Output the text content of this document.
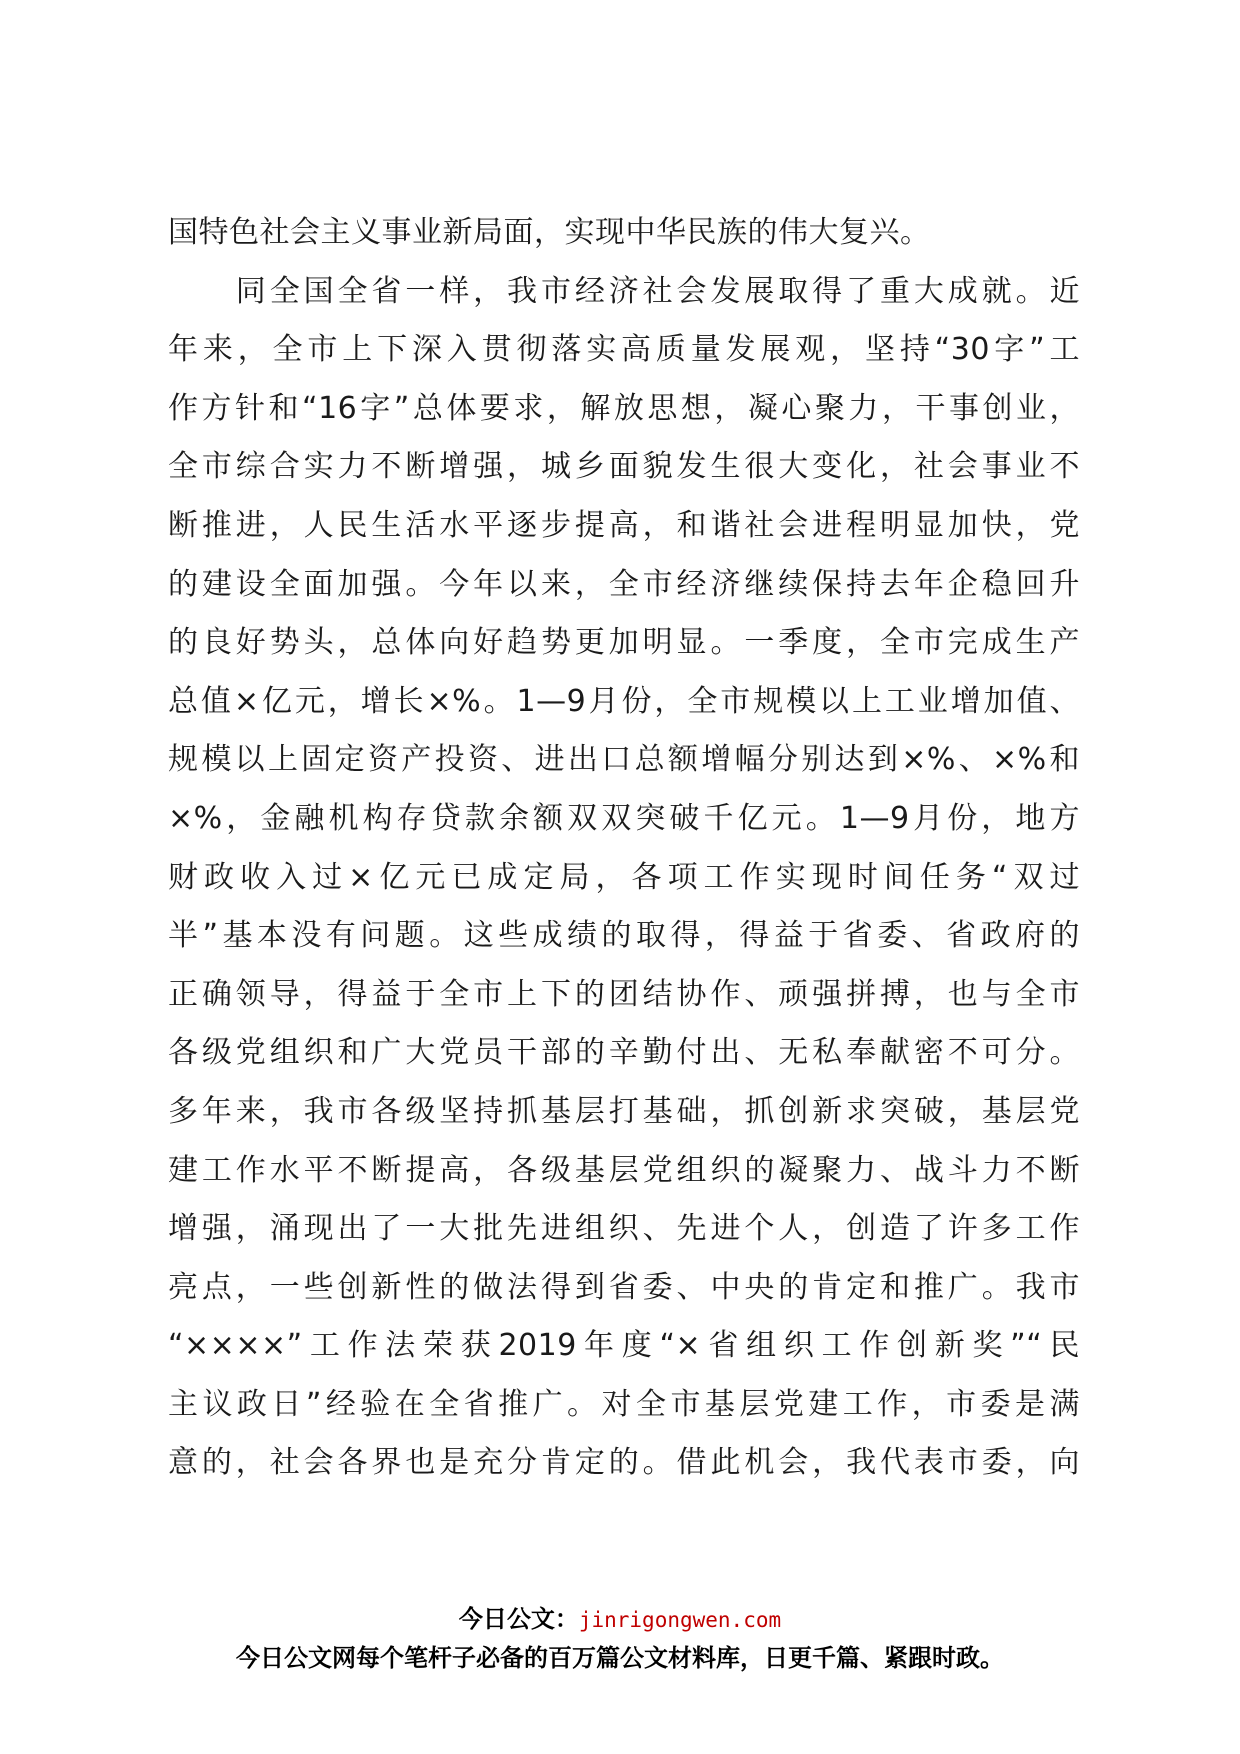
国特色社会主义事业新局面，实现中华民族的伟大复兴。
　　同全国全省一样，我市经济社会发展取得了重大成就。近
年来，全市上下深入贯彻落实高质量发展观，坚持“30字”工
作方针和“16字”总体要求，解放思想，凝心聚力，干事创业，
全市综合实力不断增强，城乡面貌发生很大变化，社会事业不
断推进，人民生活水平逐步提高，和谐社会进程明显加快，党
的建设全面加强。今年以来，全市经济继续保持去年企稳回升
的良好势头，总体向好趋势更加明显。一季度，全市完成生产
总值×亿元，增长×%。1—9月份，全市规模以上工业增加值、
规模以上固定资产投资、进出口总额增幅分别达到×%、×%和
×%，金融机构存贷款余额双双突破千亿元。1—9月份，地方
财政收入过×亿元已成定局，各项工作实现时间任务“双过
半”基本没有问题。这些成绩的取得，得益于省委、省政府的
正确领导，得益于全市上下的团结协作、顽强拼搏，也与全市
各级党组织和广大党员干部的辛勤付出、无私奉献密不可分。
多年来，我市各级坚持抓基层打基础，抓创新求突破，基层党
建工作水平不断提高，各级基层党组织的凝聚力、战斗力不断
增强，涌现出了一大批先进组织、先进个人，创造了许多工作
亮点，一些创新性的做法得到省委、中央的肯定和推广。我市
“××××”工作法荣获2019年度“×省组织工作创新奖”“民
主议政日”经验在全省推广。对全市基层党建工作，市委是满
意的，社会各界也是充分肯定的。借此机会，我代表市委，向
今日公文：jinrigongwen.com
今日公文网每个笔杆子必备的百万篇公文材料库，日更千篇、紧跟时政。
